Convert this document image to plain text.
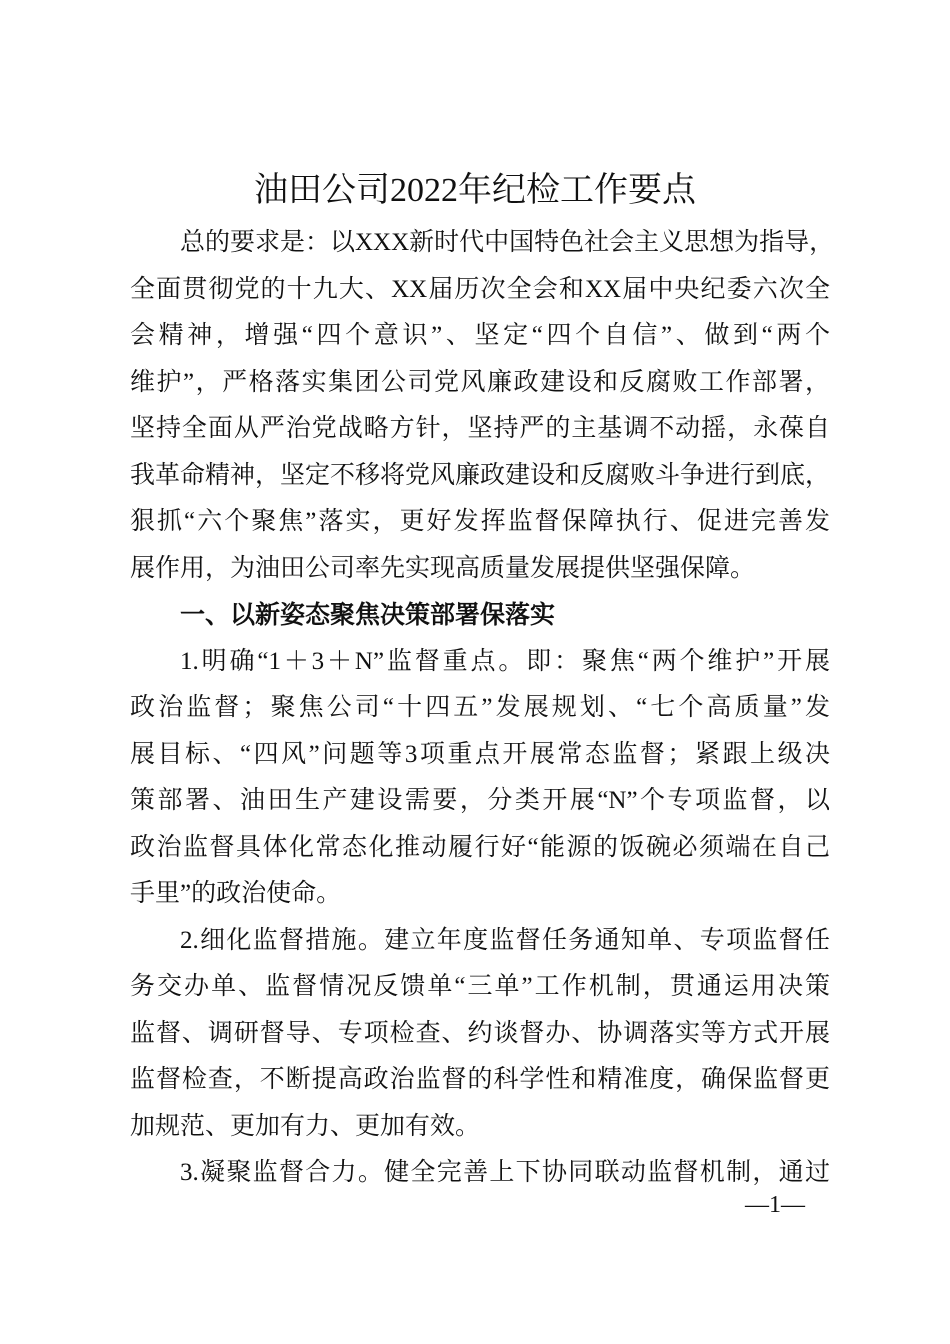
油田公司2022年纪检工作要点
总的要求是：以XXX新时代中国特色社会主义思想为指导，
全面贯彻党的十九大、XX届历次全会和XX届中央纪委六次全
会精神，增强“四个意识”、坚定“四个自信”、做到“两个
维护”，严格落实集团公司党风廉政建设和反腐败工作部署，
坚持全面从严治党战略方针，坚持严的主基调不动摇，永葆自
我革命精神，坚定不移将党风廉政建设和反腐败斗争进行到底，
狠抓“六个聚焦”落实，更好发挥监督保障执行、促进完善发
展作用，为油田公司率先实现高质量发展提供坚强保障。
一、以新姿态聚焦决策部署保落实
1.明确“1＋3＋N”监督重点。即：聚焦“两个维护”开展
政治监督；聚焦公司“十四五”发展规划、“七个高质量”发
展目标、“四风”问题等3项重点开展常态监督；紧跟上级决
策部署、油田生产建设需要，分类开展“N”个专项监督，以
政治监督具体化常态化推动履行好“能源的饭碗必须端在自己
手里”的政治使命。
2.细化监督措施。建立年度监督任务通知单、专项监督任
务交办单、监督情况反馈单“三单”工作机制，贯通运用决策
监督、调研督导、专项检查、约谈督办、协调落实等方式开展
监督检查，不断提高政治监督的科学性和精准度，确保监督更
加规范、更加有力、更加有效。
3.凝聚监督合力。健全完善上下协同联动监督机制，通过
—1—
